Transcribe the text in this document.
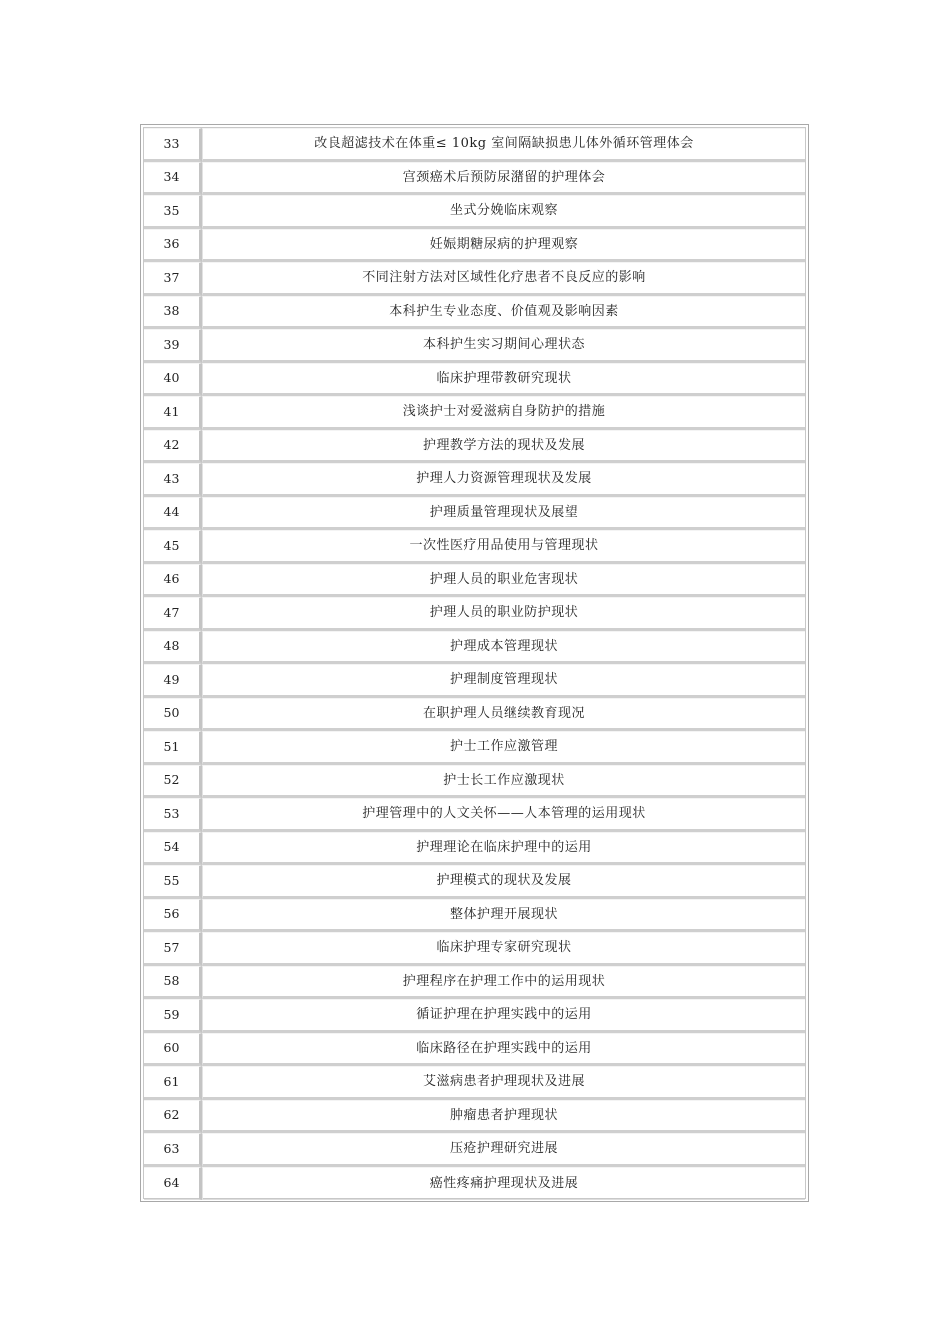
33	改良超滤技术在体重≤ 10kg 室间隔缺损患儿体外循环管理体会
34	宫颈癌术后预防尿潴留的护理体会
35	坐式分娩临床观察
36	妊娠期糖尿病的护理观察
37	不同注射方法对区域性化疗患者不良反应的影响
38	本科护生专业态度、价值观及影响因素
39	本科护生实习期间心理状态
40	临床护理带教研究现状
41	浅谈护士对爱滋病自身防护的措施
42	护理教学方法的现状及发展
43	护理人力资源管理现状及发展
44	护理质量管理现状及展望
45	一次性医疗用品使用与管理现状
46	护理人员的职业危害现状
47	护理人员的职业防护现状
48	护理成本管理现状
49	护理制度管理现状
50	在职护理人员继续教育现况
51	护士工作应激管理
52	护士长工作应激现状
53	护理管理中的人文关怀——人本管理的运用现状
54	护理理论在临床护理中的运用
55	护理模式的现状及发展
56	整体护理开展现状
57	临床护理专家研究现状
58	护理程序在护理工作中的运用现状
59	循证护理在护理实践中的运用
60	临床路径在护理实践中的运用
61	艾滋病患者护理现状及进展
62	肿瘤患者护理现状
63	压疮护理研究进展
64	癌性疼痛护理现状及进展
